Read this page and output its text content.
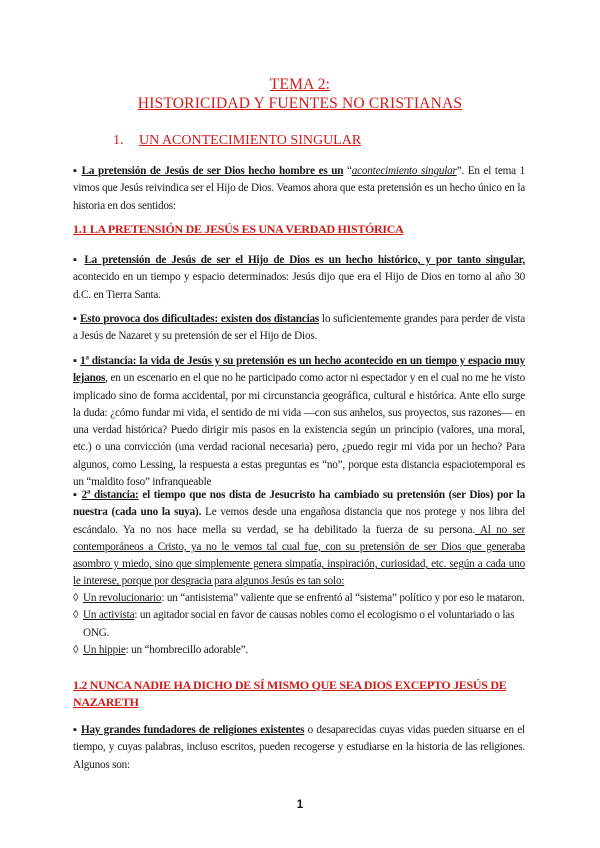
TEMA 2:
HISTORICIDAD Y FUENTES NO CRISTIANAS
1. UN ACONTECIMIENTO SINGULAR
▪ La pretensión de Jesús de ser Dios hecho hombre es un “acontecimiento singular”. En el tema 1 vimos que Jesús reivindica ser el Hijo de Dios. Veamos ahora que esta pretensión es un hecho único en la historia en dos sentidos:
1.1 LA PRETENSIÓN DE JESÚS ES UNA VERDAD HISTÓRICA
▪ La pretensión de Jesús de ser el Hijo de Dios es un hecho histórico, y por tanto singular, acontecido en un tiempo y espacio determinados: Jesús dijo que era el Hijo de Dios en torno al año 30 d.C. en Tierra Santa.
▪ Esto provoca dos dificultades: existen dos distancias lo suficientemente grandes para perder de vista a Jesús de Nazaret y su pretensión de ser el Hijo de Dios.
▪ 1ª distancia: la vida de Jesús y su pretensión es un hecho acontecido en un tiempo y espacio muy lejanos, en un escenario en el que no he participado como actor ni espectador y en el cual no me he visto implicado sino de forma accidental, por mi circunstancia geográfica, cultural e histórica. Ante ello surge la duda: ¿cómo fundar mi vida, el sentido de mi vida —con sus anhelos, sus proyectos, sus razones— en una verdad histórica? Puedo dirigir mis pasos en la existencia según un principio (valores, una moral, etc.) o una convicción (una verdad racional necesaria) pero, ¿puedo regir mi vida por un hecho? Para algunos, como Lessing, la respuesta a estas preguntas es “no”, porque esta distancia espaciotemporal es un “maldito foso” infranqueable
▪ 2ª distancia: el tiempo que nos dista de Jesucristo ha cambiado su pretensión (ser Dios) por la nuestra (cada uno la suya). Le vemos desde una engañosa distancia que nos protege y nos libra del escándalo. Ya no nos hace mella su verdad, se ha debilitado la fuerza de su persona. Al no ser contemporáneos a Cristo, ya no le vemos tal cual fue, con su pretensión de ser Dios que generaba asombro y miedo, sino que simplemente genera simpatía, inspiración, curiosidad, etc. según a cada uno le interese, porque por desgracia para algunos Jesús es tan solo:
◊ Un revolucionario: un “antisistema” valiente que se enfrentó al “sistema” político y por eso le mataron.
◊ Un activista: un agitador social en favor de causas nobles como el ecologismo o el voluntariado o las ONG.
◊ Un hippie: un “hombrecillo adorable”.
1.2 NUNCA NADIE HA DICHO DE SÍ MISMO QUE SEA DIOS EXCEPTO JESÚS DE NAZARETH
▪ Hay grandes fundadores de religiones existentes o desaparecidas cuyas vidas pueden situarse en el tiempo, y cuyas palabras, incluso escritos, pueden recogerse y estudiarse en la historia de las religiones. Algunos son:
1
